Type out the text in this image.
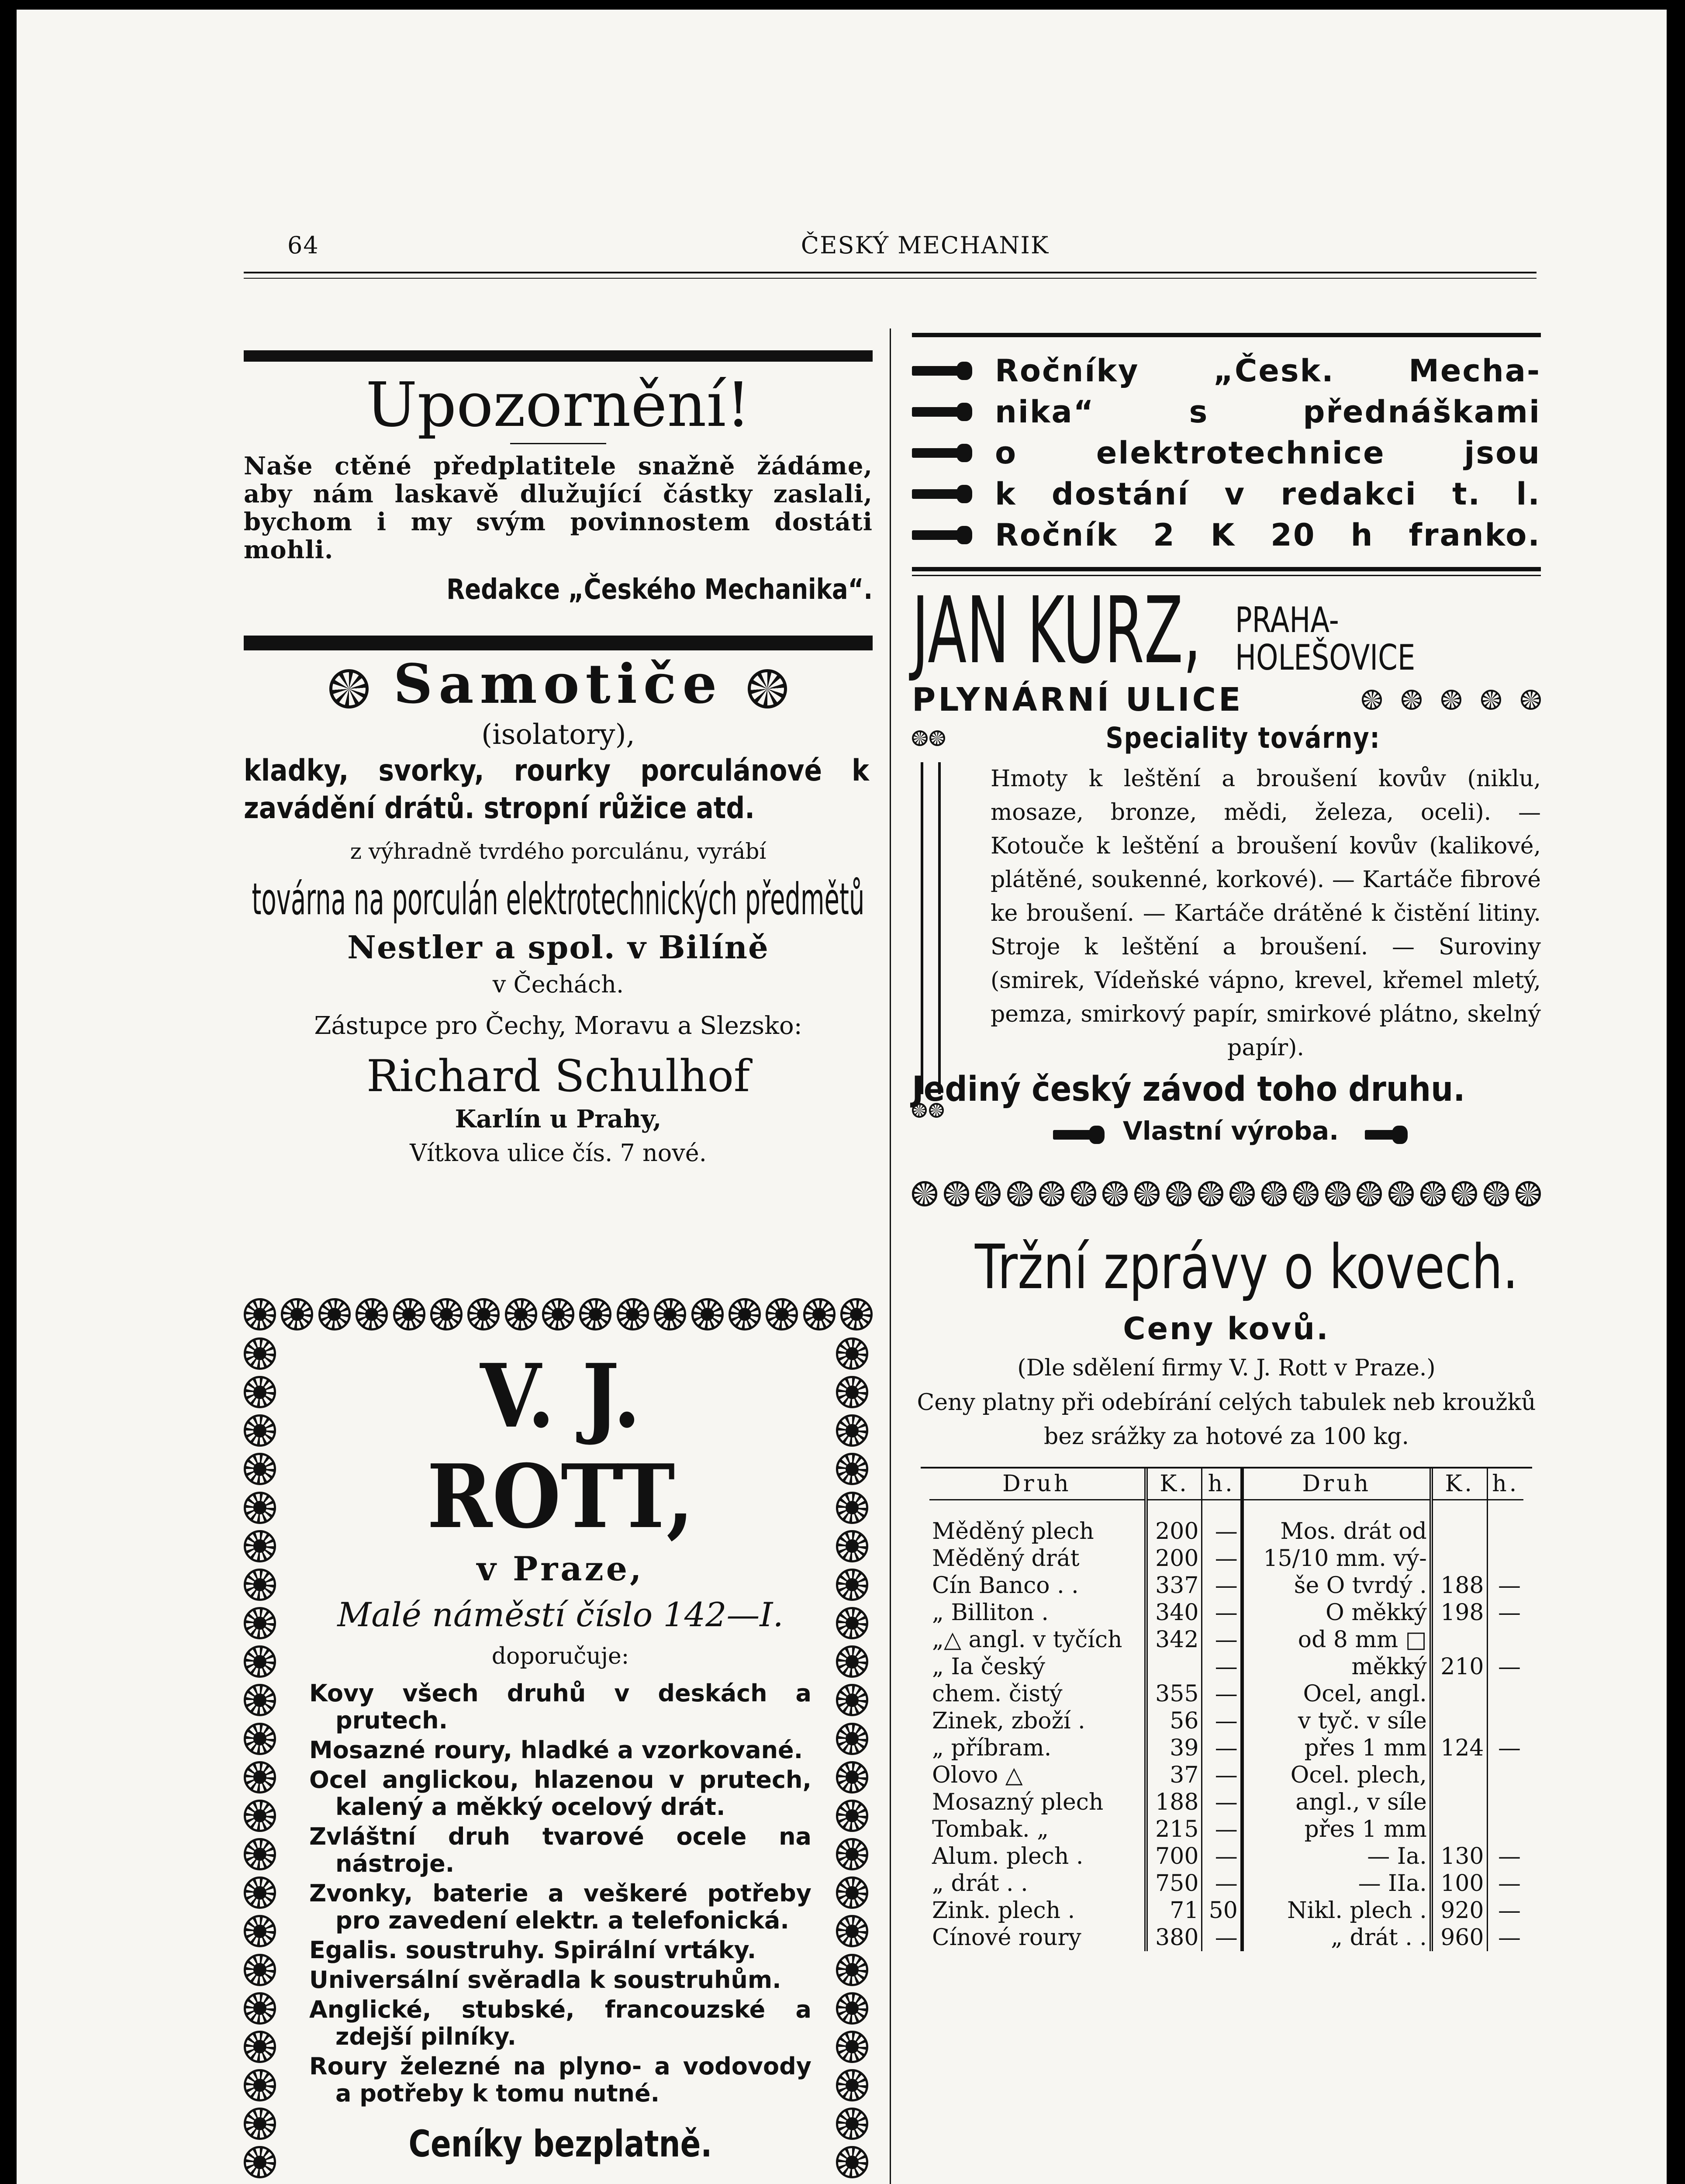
64	ČESKÝ MECHANIK
Upozornění!
Naše ctěné předplatitele snažně žádáme, aby nám laskavě dlužující částky zaslali, bychom i my svým povinnostem dostáti mohli.
Redakce „Českého Mechanika“.
Samotiče
(isolatory),
kladky, svorky, rourky porculánové k zavádění drátů. stropní růžice atd.
z výhradně tvrdého porculánu, vyrábí
továrna na porculán elektrotechnických předmětů
Nestler a spol. v Bilíně
v Čechách.
Zástupce pro Čechy, Moravu a Slezsko:
Richard Schulhof
Karlín u Prahy,
Vítkova ulice čís. 7 nové.
V. J. ROTT,
v Praze,
Malé náměstí číslo 142—I.
doporučuje:
Kovy všech druhů v deskách a prutech.
Mosazné roury, hladké a vzorkované.
Ocel anglickou, hlazenou v prutech, kalený a měkký ocelový drát.
Zvláštní druh tvarové ocele na nástroje.
Zvonky, baterie a veškeré potřeby pro zavedení elektr. a telefonická.
Egalis. soustruhy. Spirální vrtáky.
Universální svěradla k soustruhům.
Anglické, stubské, francouzské a zdejší pilníky.
Roury železné na plyno- a vodovody a potřeby k tomu nutné.
Ceníky bezplatně.
Ročníky „Česk. Mecha-
nika“ s přednáškami
o elektrotechnice jsou
k dostání v redakci t. l.
Ročník 2 K 20 h franko.
JAN KURZ, PRAHA-
HOLEŠOVICE
PLYNÁRNÍ ULICE

Speciality továrny:

Hmoty k leštění a broušení kovův (niklu, mosaze, bronze, mědi, železa, oceli). — Kotouče k leštění a broušení kovův (kalikové, plátěné, soukenné, korkové). — Kartáče fibrové ke broušení. — Kartáče drátěné k čistění litiny. Stroje k leštění a broušení. — Suroviny (smirek, Vídeňské vápno, krevel, křemel mletý, pemza, smirkový papír, smirkové plátno, skelný papír).
Jediný český závod toho druhu.
Vlastní výroba.
Tržní zprávy o kovech.
Ceny kovů.
(Dle sdělení firmy V. J. Rott v Praze.)
Ceny platny při odebírání celých tabulek neb kroužků bez srážky za hotové za 100 kg.
Druh	K.	h.	Druh	K.	h.

Měděný plech	200	—	Mos. drát od		
Měděný drát	200	—	15/10 mm. vý-		
Cín Banco . .	337	—	še O tvrdý .	188	—
„ Billiton .	340	—	O měkký	198	—
„△ angl. v tyčích	342	—	od 8 mm □		
„ Ia český		—	měkký	210	—
chem. čistý	355	—	Ocel, angl.		
Zinek, zboží .	56	—	v tyč. v síle		
„ příbram.	39	—	přes 1 mm	124	—
Olovo △	37	—	Ocel. plech,		
Mosazný plech	188	—	angl., v síle		
Tombak. „	215	—	přes 1 mm		
Alum. plech .	700	—	— Ia.	130	—
„ drát . .	750	—	— IIa.	100	—
Zink. plech .	71	50	Nikl. plech .	920	—
Cínové roury	380	—	„ drát . .	960	—
